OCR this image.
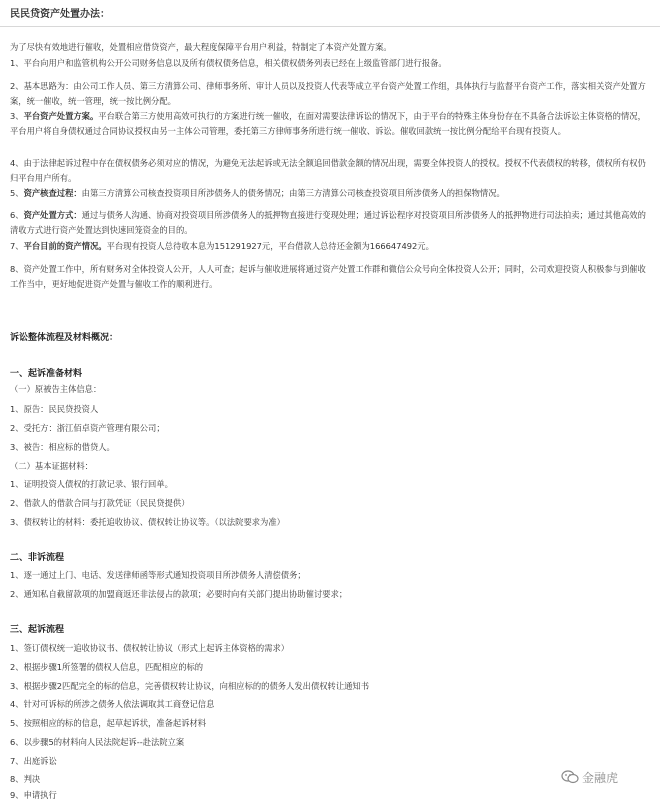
民民贷资产处置办法：

为了尽快有效地进行催收，处置相应借贷资产，最大程度保障平台用户利益，特制定了本资产处置方案。

1、平台向用户和监管机构公开公司财务信息以及所有债权债务信息，相关债权债务列表已经在上级监管部门进行报备。

2、基本思路为：由公司工作人员、第三方清算公司、律师事务所、审计人员以及投资人代表等成立平台资产处置工作组，具体执行与监督平台资产工作，落实相关资产处置方案，统一催收，统一管理，统一按比例分配。

3、平台资产处置方案。平台联合第三方使用高效可执行的方案进行统一催收，在面对需要法律诉讼的情况下，由于平台的特殊主体身份存在不具备合法诉讼主体资格的情况，平台用户将自身债权通过合同协议授权由另一主体公司管理，委托第三方律师事务所进行统一催收、诉讼。催收回款统一按比例分配给平台现有投资人。

4、由于法律起诉过程中存在债权债务必须对应的情况，为避免无法起诉或无法全额追回借款金额的情况出现，需要全体投资人的授权。授权不代表债权的转移，债权所有权仍归平台用户所有。

5、资产核查过程：由第三方清算公司核查投资项目所涉债务人的债务情况；由第三方清算公司核查投资项目所涉债务人的担保物情况。

6、资产处置方式：通过与债务人沟通、协商对投资项目所涉债务人的抵押物直接进行变现处理；通过诉讼程序对投资项目所涉债务人的抵押物进行司法拍卖；通过其他高效的清收方式进行资产处置达到快速回笼资金的目的。

7、平台目前的资产情况。平台现有投资人总待收本息为151291927元，平台借款人总待还金额为166647492元。

8、资产处置工作中，所有财务对全体投资人公开，人人可查；起诉与催收进展将通过资产处置工作群和微信公众号向全体投资人公开；同时，公司欢迎投资人积极参与到催收工作当中，更好地促进资产处置与催收工作的顺利进行。

诉讼整体流程及材料概况：

一、起诉准备材料

（一）原被告主体信息：

1、原告：民民贷投资人

2、受托方：浙江佰卓资产管理有限公司；

3、被告：相应标的借贷人。

（二）基本证据材料：

1、证明投资人债权的打款记录、银行回单。

2、借款人的借款合同与打款凭证（民民贷提供）

3、债权转让的材料：委托追收协议、债权转让协议等。（以法院要求为准）

二、非诉流程

1、逐一通过上门、电话、发送律师函等形式通知投资项目所涉债务人清偿债务；

2、通知私自截留款项的加盟商返还非法侵占的款项；必要时向有关部门提出协助催讨要求；

三、起诉流程

1、签订债权统一追收协议书、债权转让协议（形式上起诉主体资格的需求）

2、根据步骤1所签署的债权人信息，匹配相应的标的

3、根据步骤2匹配完全的标的信息，完善债权转让协议，向相应标的的债务人发出债权转让通知书

4、针对可诉标的所涉之债务人依法调取其工商登记信息

5、按照相应的标的信息，起草起诉状，准备起诉材料

6、以步骤5的材料向人民法院起诉--赴法院立案

7、出庭诉讼

8、判决

9、申请执行

金融虎
